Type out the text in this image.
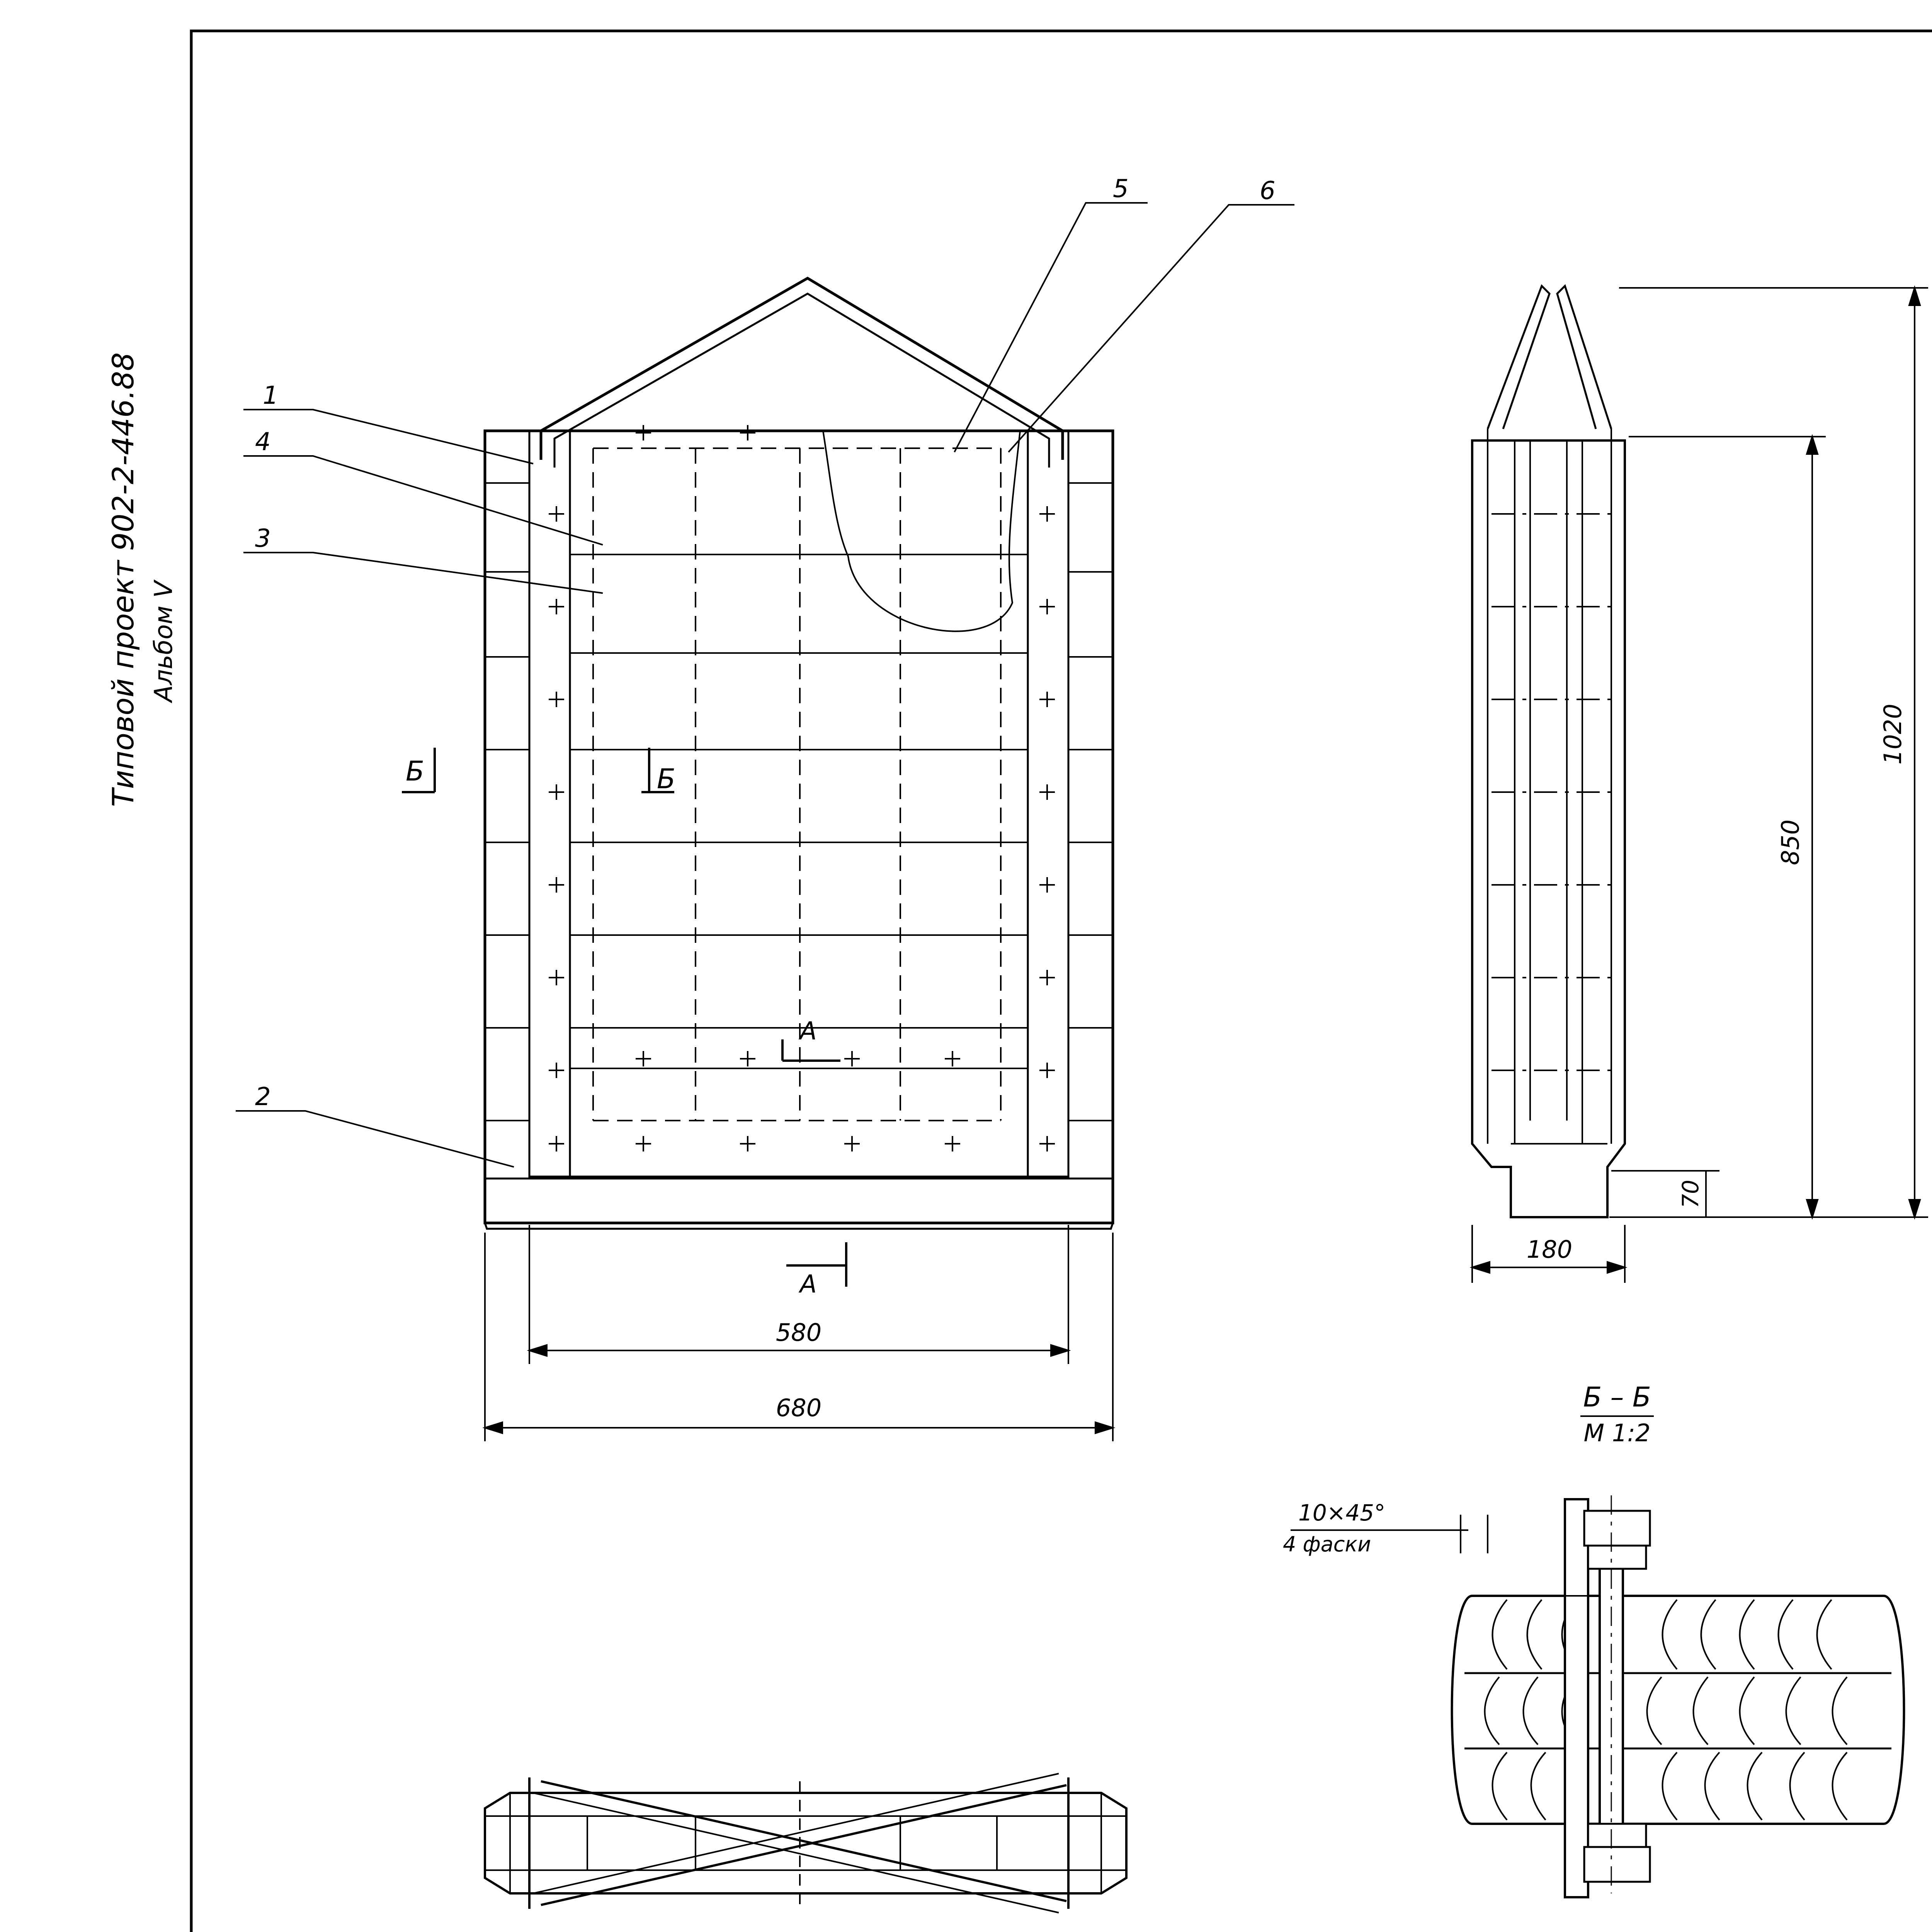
Типовой проект 902-2-446.88 Альбом V
1
2
3
4
5	6
Б	Б
А
А
580
680
1020
850
70
180
Б – Б
М 1:2
10×45°
4 фаски
